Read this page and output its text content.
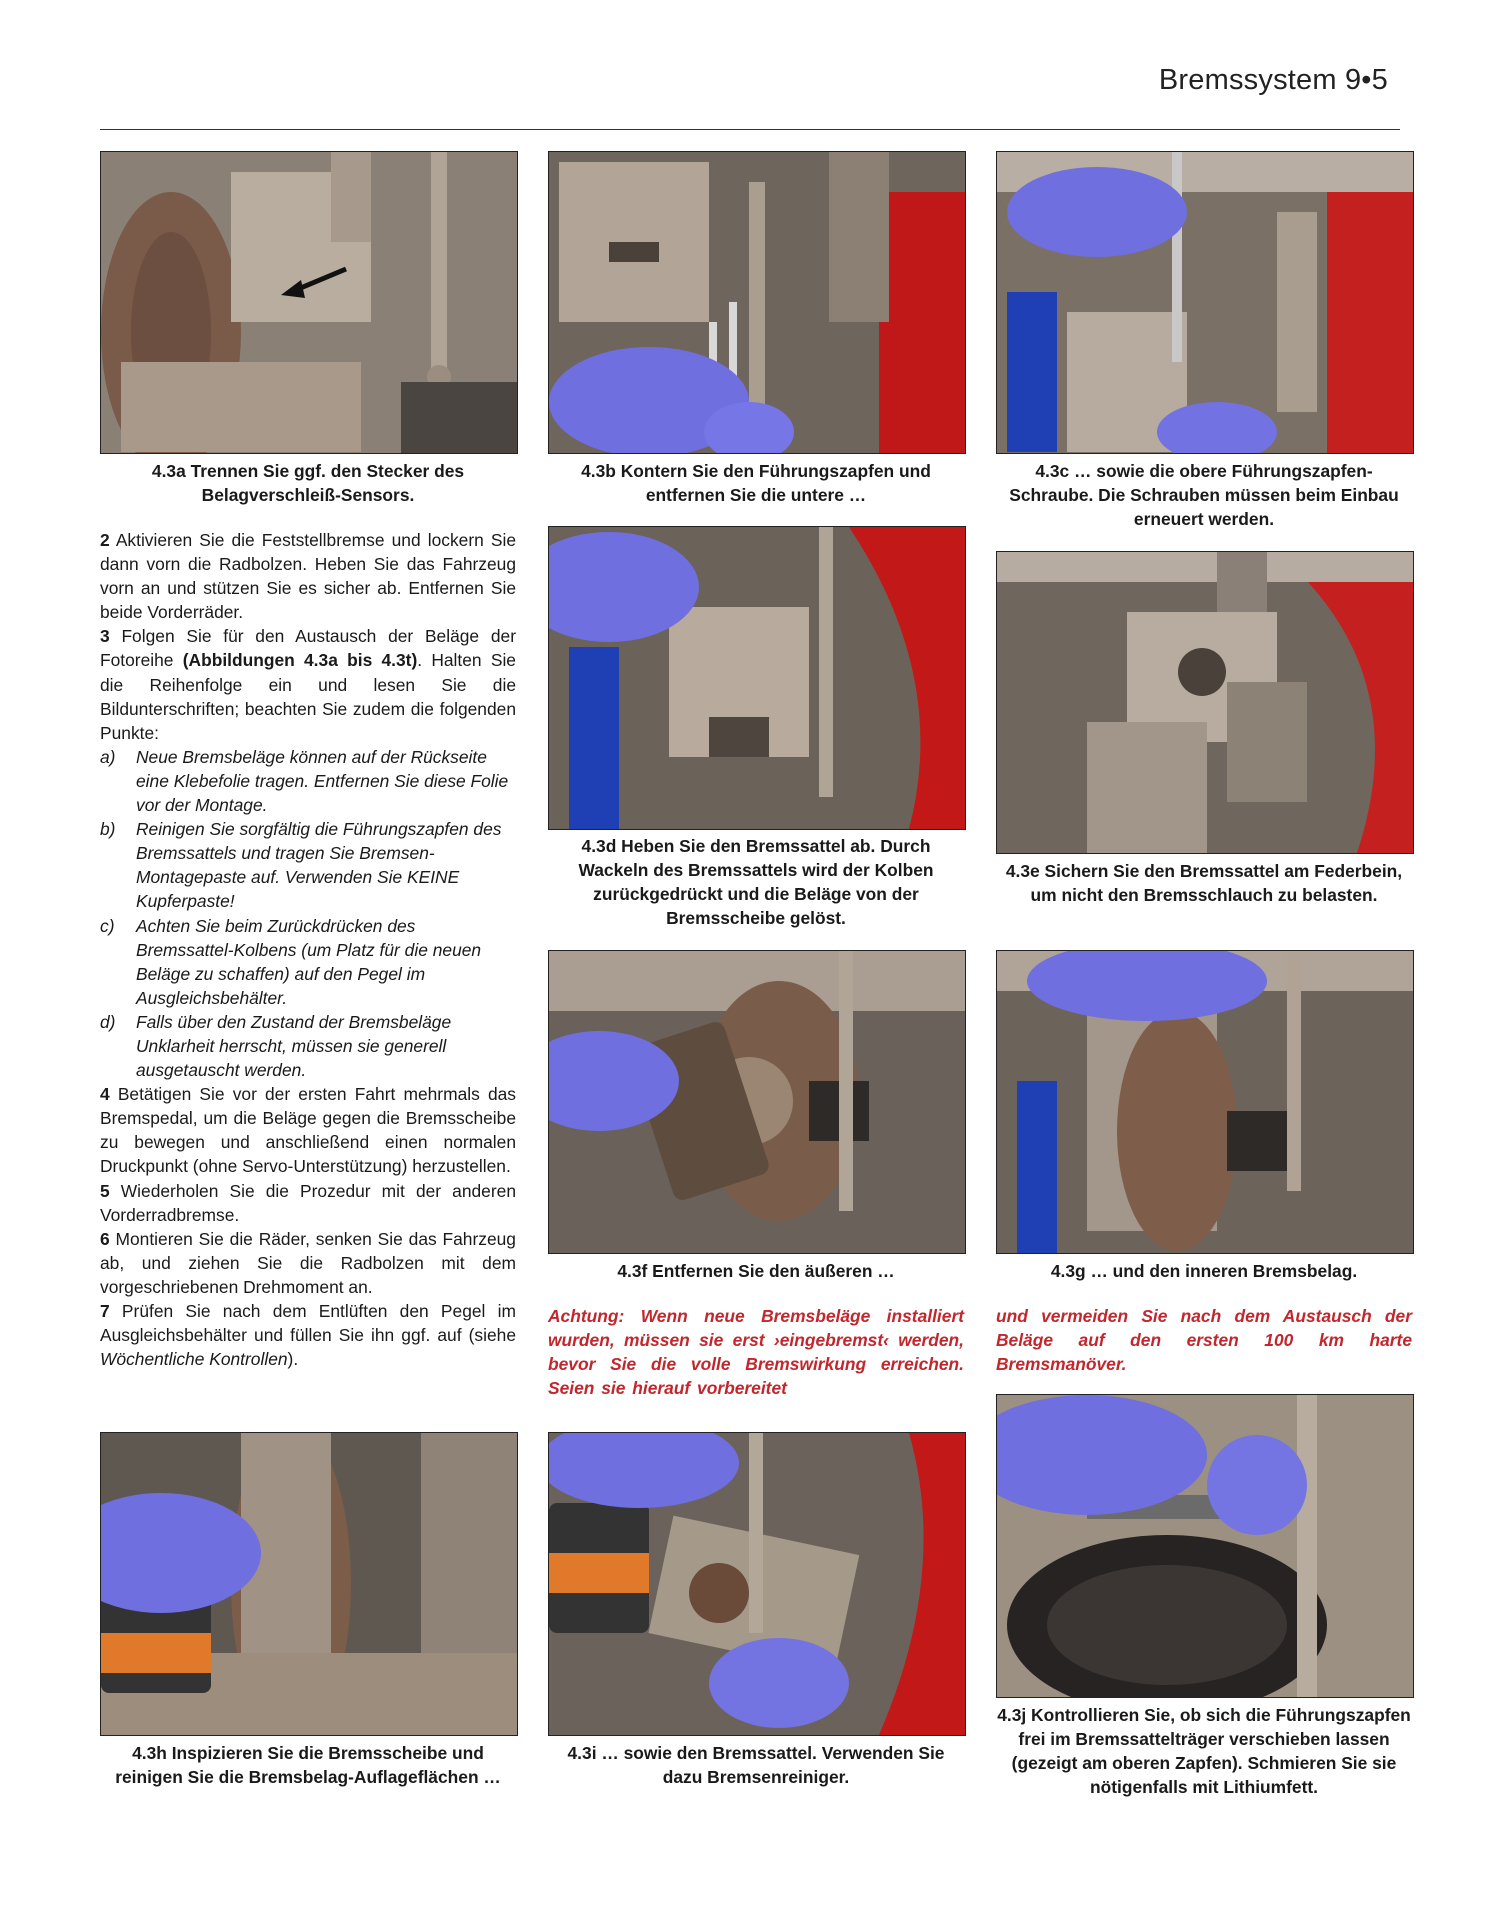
Bremssystem 9•5
4.3a Trennen Sie ggf. den Stecker des Belagverschleiß-Sensors.
4.3b Kontern Sie den Führungszapfen und entfernen Sie die untere …
4.3c … sowie die obere Führungszapfen-Schraube. Die Schrauben müssen beim Einbau erneuert werden.
4.3d Heben Sie den Bremssattel ab. Durch Wackeln des Bremssattels wird der Kolben zurückgedrückt und die Beläge von der Bremsscheibe gelöst.
4.3e Sichern Sie den Bremssattel am Federbein, um nicht den Bremsschlauch zu belasten.
4.3f Entfernen Sie den äußeren …	4.3g … und den inneren Bremsbelag.
Achtung: Wenn neue Bremsbeläge installiert wurden, müssen sie erst ›eingebremst‹ werden, bevor Sie die volle Bremswirkung erreichen. Seien sie hierauf vorbereitet
und vermeiden Sie nach dem Austausch der Beläge auf den ersten 100 km harte Bremsmanöver.
4.3h Inspizieren Sie die Bremsscheibe und reinigen Sie die Bremsbelag-Auflageflächen …
4.3i … sowie den Bremssattel. Verwenden Sie dazu Bremsenreiniger.
4.3j Kontrollieren Sie, ob sich die Führungszapfen frei im Bremssattelträger verschieben lassen (gezeigt am oberen Zapfen). Schmieren Sie sie nötigenfalls mit Lithiumfett.

2 Aktivieren Sie die Feststellbremse und lockern Sie dann vorn die Radbolzen. Heben Sie das Fahrzeug vorn an und stützen Sie es sicher ab. Entfernen Sie beide Vorderräder.

3 Folgen Sie für den Austausch der Beläge der Fotoreihe (Abbildungen 4.3a bis 4.3t). Halten Sie die Reihenfolge ein und lesen Sie die Bildunterschriften; beachten Sie zudem die folgenden Punkte:

a)	Neue Bremsbeläge können auf der Rückseite eine Klebefolie tragen. Entfernen Sie diese Folie vor der Montage.
b)	Reinigen Sie sorgfältig die Führungszapfen des Bremssattels und tragen Sie Bremsen-Montagepaste auf. Verwenden Sie KEINE Kupferpaste!
c)	Achten Sie beim Zurückdrücken des Bremssattel-Kolbens (um Platz für die neuen Beläge zu schaffen) auf den Pegel im Ausgleichsbehälter.
d)	Falls über den Zustand der Bremsbeläge Unklarheit herrscht, müssen sie generell ausgetauscht werden.

4 Betätigen Sie vor der ersten Fahrt mehrmals das Bremspedal, um die Beläge gegen die Bremsscheibe zu bewegen und anschließend einen normalen Druckpunkt (ohne Servo-Unterstützung) herzustellen.

5 Wiederholen Sie die Prozedur mit der anderen Vorderradbremse.

6 Montieren Sie die Räder, senken Sie das Fahrzeug ab, und ziehen Sie die Radbolzen mit dem vorgeschriebenen Drehmoment an.

7 Prüfen Sie nach dem Entlüften den Pegel im Ausgleichsbehälter und füllen Sie ihn ggf. auf (siehe Wöchentliche Kontrollen).
